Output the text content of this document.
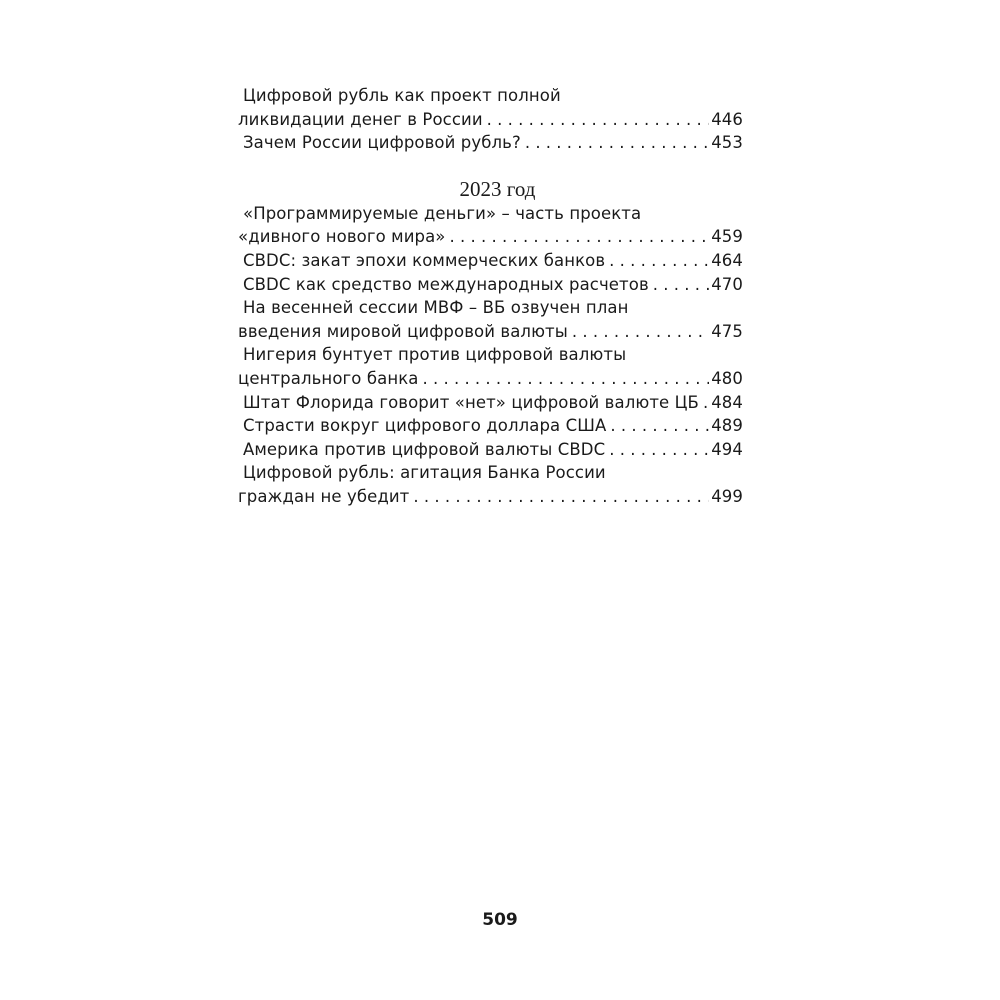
Цифровой рубль как проект полной
ликвидации денег в России . . .	446
Зачем России цифровой рубль? . . .	453
2023 год
«Программируемые деньги» – часть проекта
«дивного нового мира» . . .	459
CBDC: закат эпохи коммерческих банков . . .	464
CBDC как средство международных расчетов . . .	470
На весенней сессии МВФ – ВБ озвучен план
введения мировой цифровой валюты . . .	475
Нигерия бунтует против цифровой валюты
центрального банка . . .	480
Штат Флорида говорит «нет» цифровой валюте ЦБ . . . 484
Страсти вокруг цифрового доллара США . . .	489
Америка против цифровой валюты CBDC . . .	494
Цифровой рубль: агитация Банка России
граждан не убедит . . .	499
509
